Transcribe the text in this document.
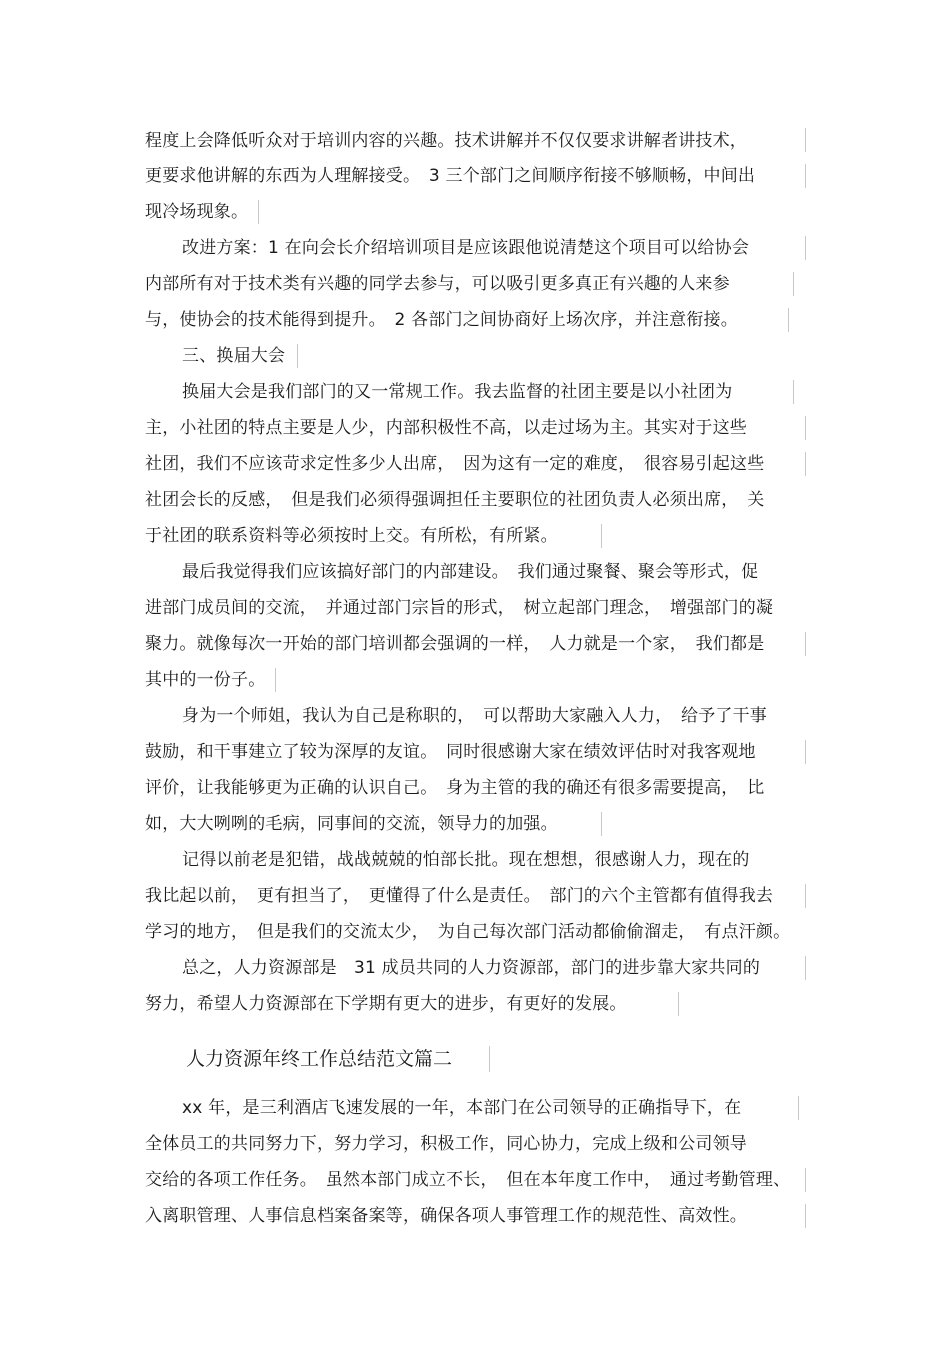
程度上会降低听众对于培训内容的兴趣。技术讲解并不仅仅要求讲解者讲技术，
更要求他讲解的东西为人理解接受。　3 三个部门之间顺序衔接不够顺畅，中间出
现冷场现象。
改进方案：1 在向会长介绍培训项目是应该跟他说清楚这个项目可以给协会
内部所有对于技术类有兴趣的同学去参与，可以吸引更多真正有兴趣的人来参
与，使协会的技术能得到提升。　2 各部门之间协商好上场次序，并注意衔接。
三、换届大会
换届大会是我们部门的又一常规工作。我去监督的社团主要是以小社团为
主，小社团的特点主要是人少，内部积极性不高，以走过场为主。其实对于这些
社团，我们不应该苛求定性多少人出席，　因为这有一定的难度，　很容易引起这些
社团会长的反感，　但是我们必须得强调担任主要职位的社团负责人必须出席，　关
于社团的联系资料等必须按时上交。有所松，有所紧。
最后我觉得我们应该搞好部门的内部建设。　我们通过聚餐、聚会等形式，促
进部门成员间的交流，　并通过部门宗旨的形式，　树立起部门理念，　增强部门的凝
聚力。就像每次一开始的部门培训都会强调的一样，　人力就是一个家，　我们都是
其中的一份子。
身为一个师姐，我认为自己是称职的，　可以帮助大家融入人力，　给予了干事
鼓励，和干事建立了较为深厚的友谊。　同时很感谢大家在绩效评估时对我客观地
评价，让我能够更为正确的认识自己。　身为主管的我的确还有很多需要提高，　比
如，大大咧咧的毛病，同事间的交流，领导力的加强。
记得以前老是犯错，战战兢兢的怕部长批。现在想想，很感谢人力，现在的
我比起以前，　更有担当了，　更懂得了什么是责任。　部门的六个主管都有值得我去
学习的地方，　但是我们的交流太少，　为自己每次部门活动都偷偷溜走，　有点汗颜。
总之，人力资源部是　31 成员共同的人力资源部，部门的进步靠大家共同的
努力，希望人力资源部在下学期有更大的进步，有更好的发展。
人力资源年终工作总结范文篇二
xx 年，是三利酒店飞速发展的一年，本部门在公司领导的正确指导下，在
全体员工的共同努力下，努力学习，积极工作，同心协力，完成上级和公司领导
交给的各项工作任务。　虽然本部门成立不长，　但在本年度工作中，　通过考勤管理、
入离职管理、人事信息档案备案等，确保各项人事管理工作的规范性、高效性。
